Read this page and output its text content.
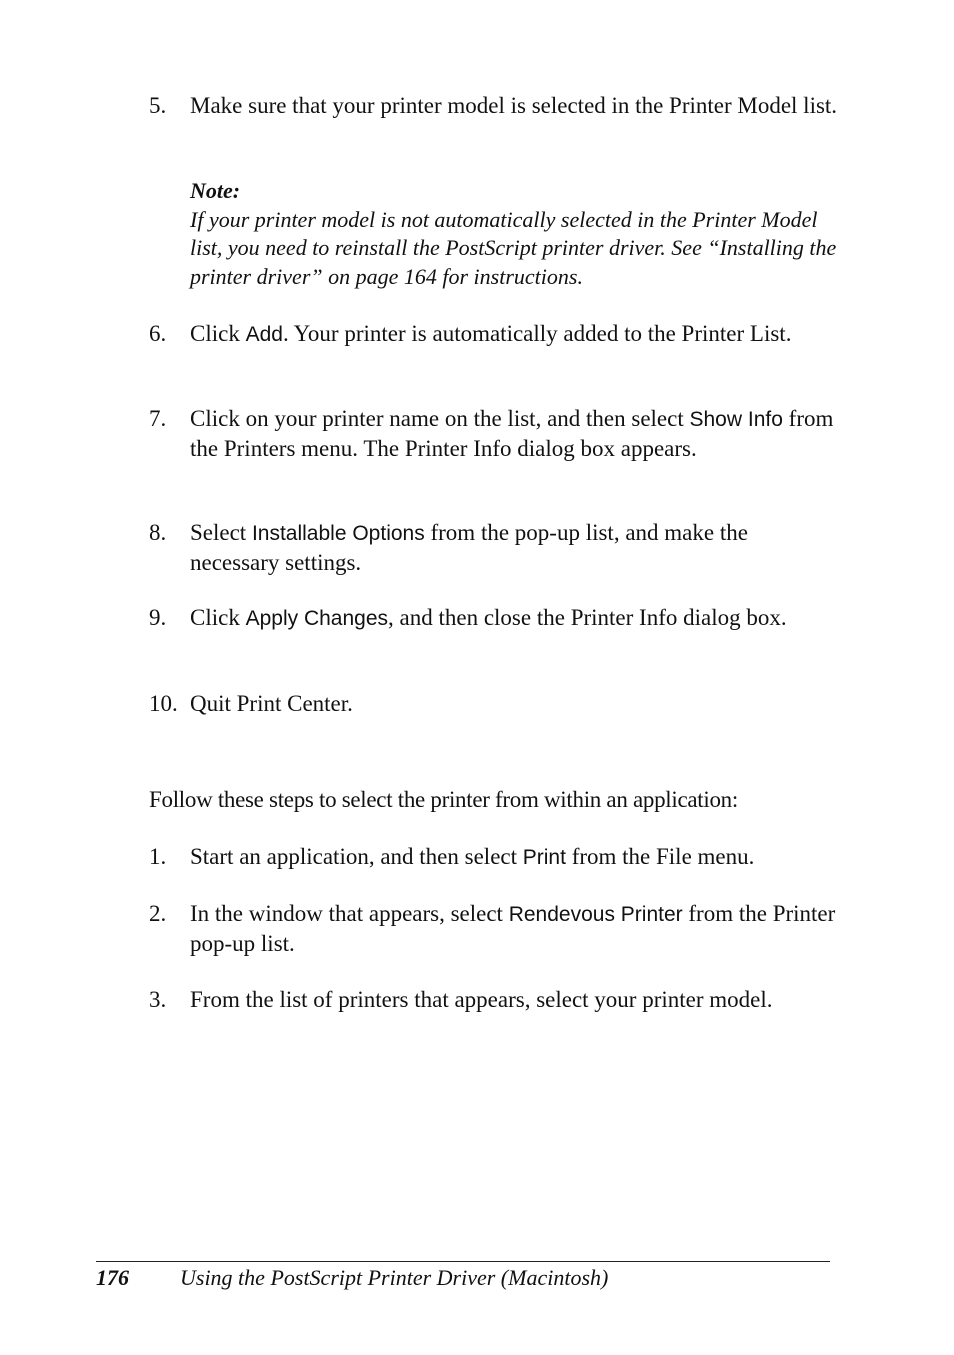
5. Make sure that your printer model is selected in the Printer Model list.
Note:
If your printer model is not automatically selected in the Printer Model list, you need to reinstall the PostScript printer driver. See “Installing the printer driver” on page 164 for instructions.
6. Click Add. Your printer is automatically added to the Printer List.
7. Click on your printer name on the list, and then select Show Info from the Printers menu. The Printer Info dialog box appears.
8. Select Installable Options from the pop-up list, and make the necessary settings.
9. Click Apply Changes, and then close the Printer Info dialog box.
10. Quit Print Center.
Follow these steps to select the printer from within an application:
1. Start an application, and then select Print from the File menu.
2. In the window that appears, select Rendevous Printer from the Printer pop-up list.
3. From the list of printers that appears, select your printer model.
176 Using the PostScript Printer Driver (Macintosh)
